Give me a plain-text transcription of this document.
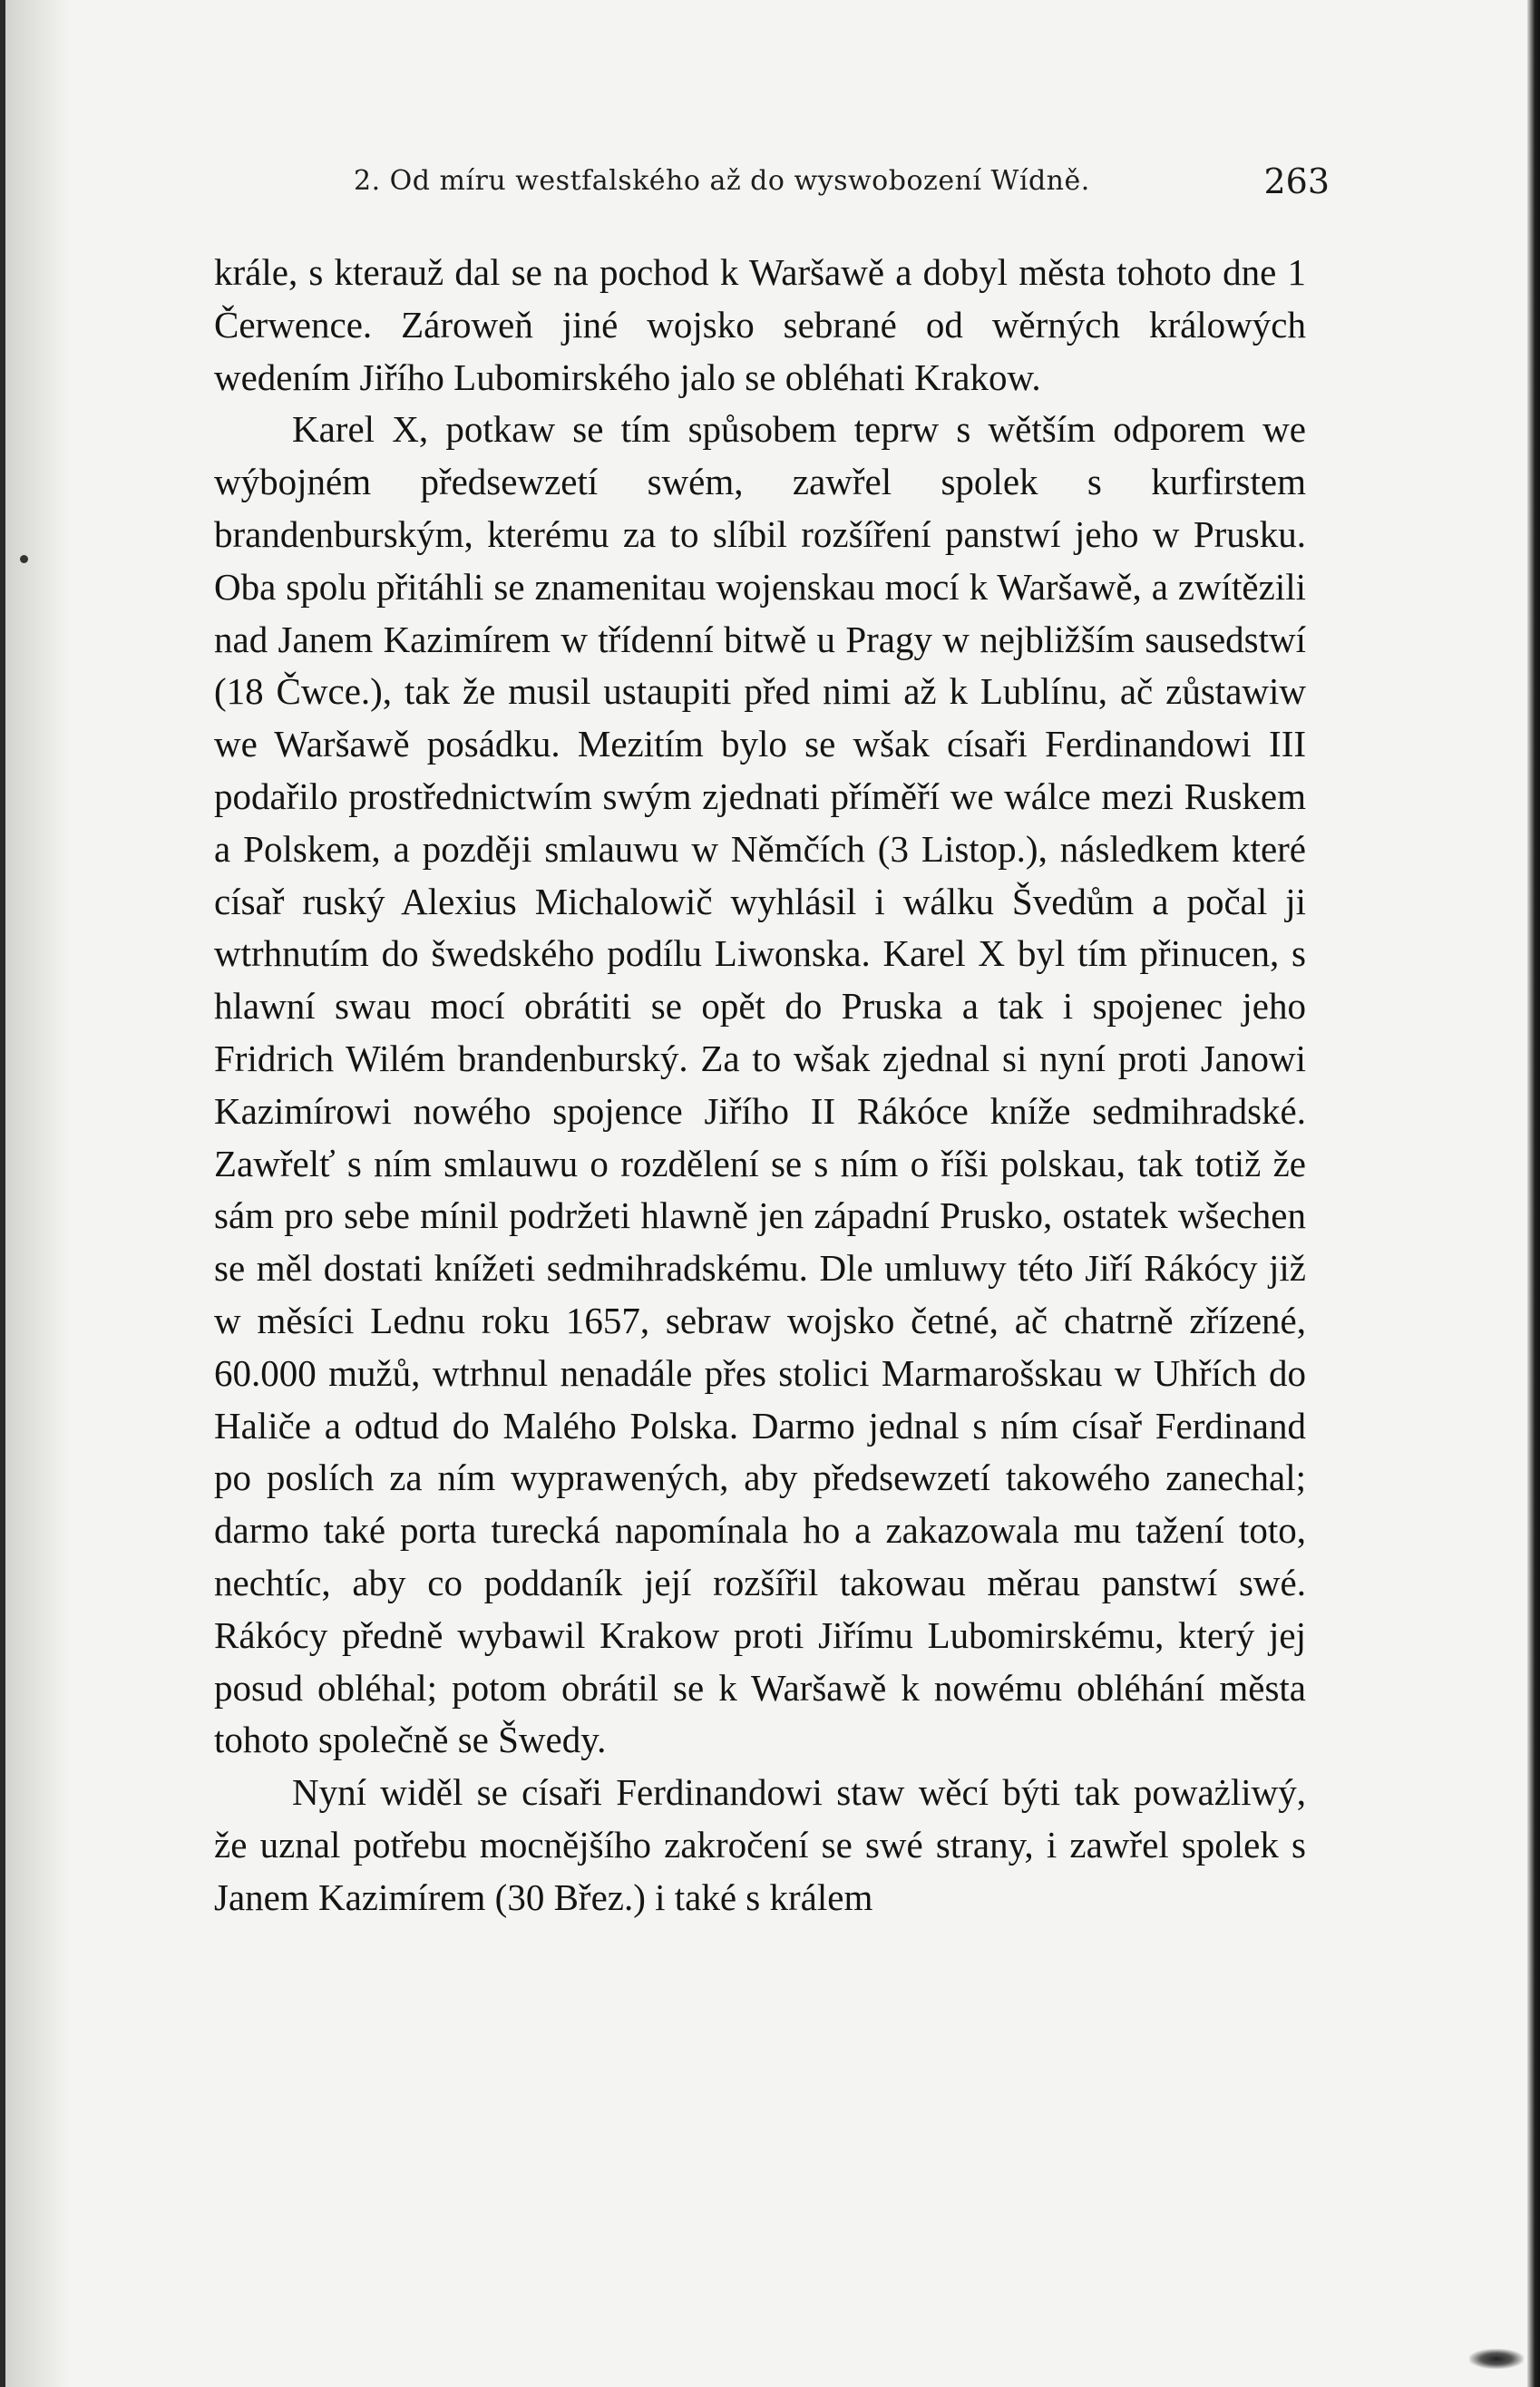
2. Od míru westfalského až do wyswobození Wídně.	263

krále, s kterauž dal se na pochod k Waršawě a dobyl města tohoto dne 1 Čerwence. Zároweň jiné wojsko sebrané od wěrných králowých wedením Jiřího Lubomirského jalo se obléhati Krakow.

Karel X, potkaw se tím spůsobem teprw s wětším odporem we wýbojném předsewzetí swém, zawřel spolek s kurfirstem brandenburským, kterému za to slíbil rozšíření panstwí jeho w Prusku. Oba spolu přitáhli se znamenitau wojenskau mocí k Waršawě, a zwítězili nad Janem Kazimírem w třídenní bitwě u Pragy w nejbližším sausedstwí (18 Čwce.), tak že musil ustaupiti před nimi až k Lublínu, ač zůstawiw we Waršawě posádku. Mezitím bylo se wšak císaři Ferdinandowi III podařilo prostřednictwím swým zjednati příměří we wálce mezi Ruskem a Polskem, a později smlauwu w Němčích (3 Listop.), následkem které císař ruský Alexius Michalowič wyhlásil i wálku Švedům a počal ji wtrhnutím do šwedského podílu Liwonska. Karel X byl tím přinucen, s hlawní swau mocí obrátiti se opět do Pruska a tak i spojenec jeho Fridrich Wilém brandenburský. Za to wšak zjednal si nyní proti Janowi Kazimírowi nowého spojence Jiřího II Rákóce kníže sedmihradské. Zawřelť s ním smlauwu o rozdělení se s ním o říši polskau, tak totiž že sám pro sebe mínil podržeti hlawně jen západní Prusko, ostatek wšechen se měl dostati knížeti sedmihradskému. Dle umluwy této Jiří Rákócy již w měsíci Lednu roku 1657, sebraw wojsko četné, ač chatrně zřízené, 60.000 mužů, wtrhnul nenadále přes stolici Marmarošskau w Uhřích do Haliče a odtud do Malého Polska. Darmo jednal s ním císař Ferdinand po poslích za ním wyprawených, aby předsewzetí takowého zanechal; darmo také porta turecká napomínala ho a zakazowala mu tažení toto, nechtíc, aby co poddaník její rozšířil takowau měrau panstwí swé. Rákócy předně wybawil Krakow proti Jiřímu Lubomirskému, který jej posud obléhal; potom obrátil se k Waršawě k nowému obléhání města tohoto společně se Šwedy.

Nyní widěl se císaři Ferdinandowi staw wěcí býti tak poważliwý, že uznal potřebu mocnějšího zakročení se swé strany, i zawřel spolek s Janem Kazimírem (30 Břez.) i také s králem
